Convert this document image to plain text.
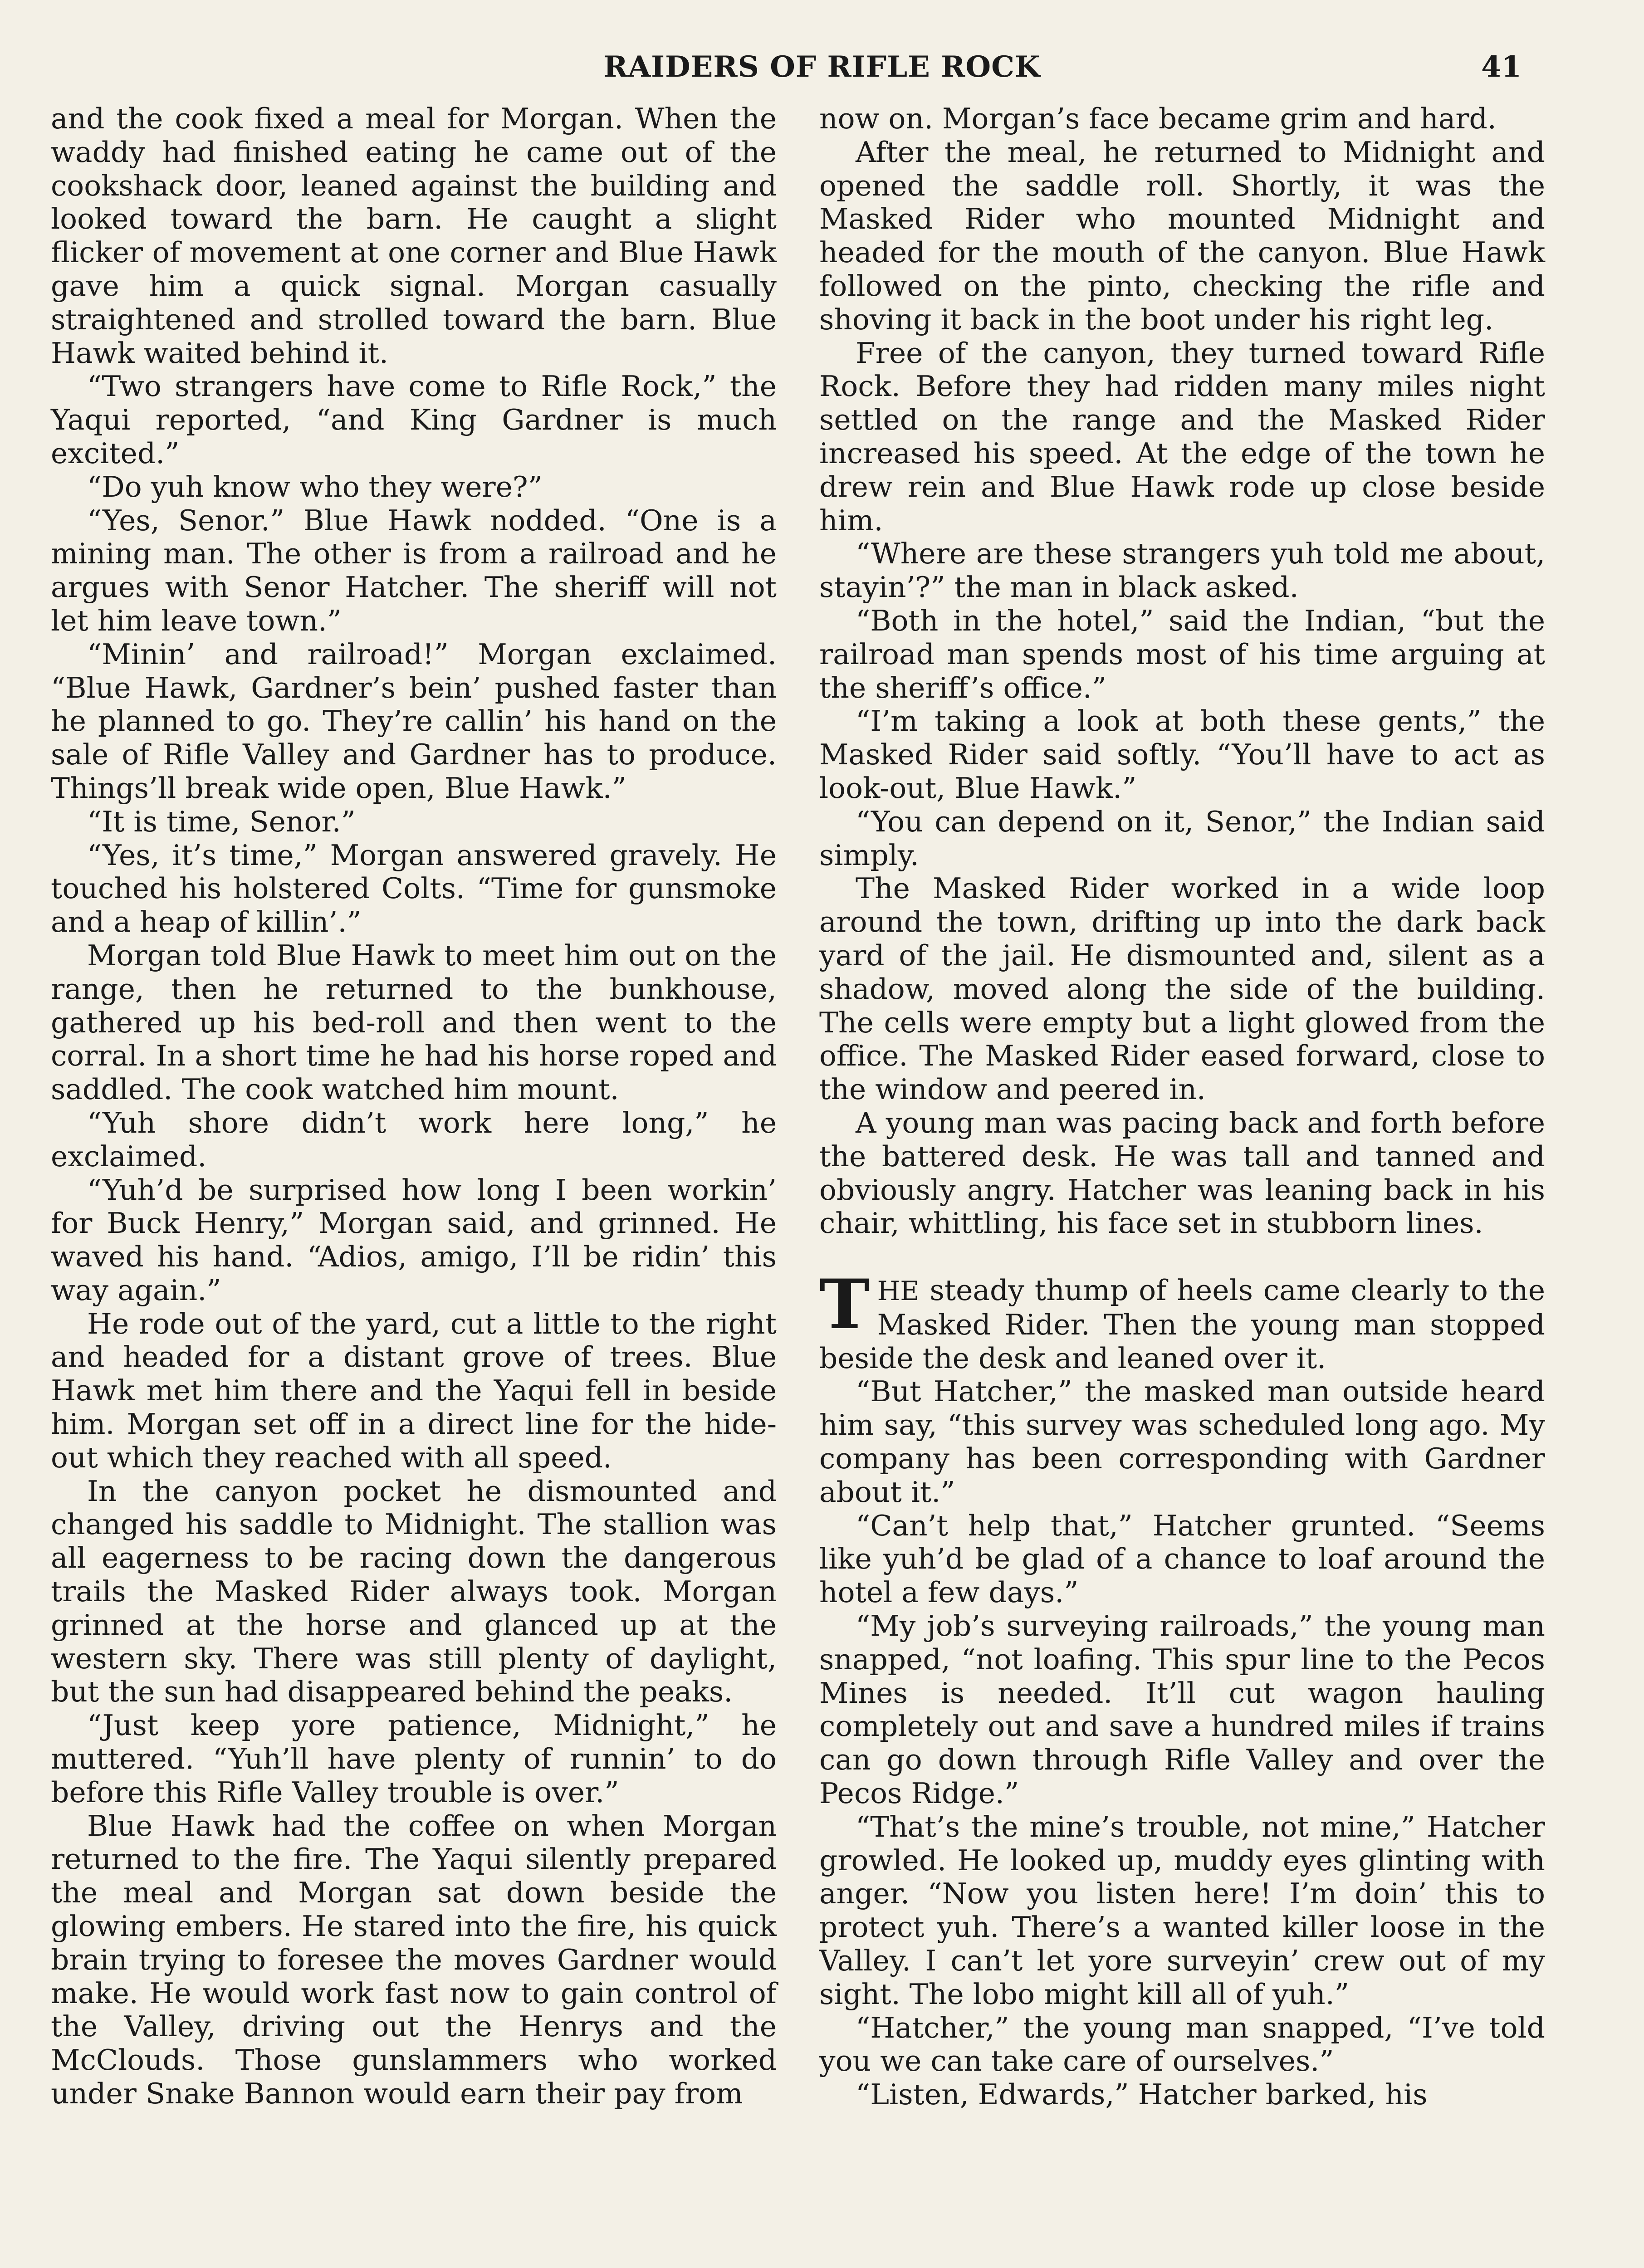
RAIDERS OF RIFLE ROCK	41

and the cook fixed a meal for Morgan. When the waddy had finished eating he came out of the cookshack door, leaned against the building and looked toward the barn. He caught a slight flicker of movement at one corner and Blue Hawk gave him a quick signal. Morgan casually straightened and strolled toward the barn. Blue Hawk waited behind it.

“Two strangers have come to Rifle Rock,” the Yaqui reported, “and King Gardner is much excited.”

“Do yuh know who they were?”

“Yes, Senor.” Blue Hawk nodded. “One is a mining man. The other is from a railroad and he argues with Senor Hatcher. The sheriff will not let him leave town.”

“Minin’ and railroad!” Morgan exclaimed. “Blue Hawk, Gardner’s bein’ pushed faster than he planned to go. They’re callin’ his hand on the sale of Rifle Valley and Gardner has to produce. Things’ll break wide open, Blue Hawk.”

“It is time, Senor.”

“Yes, it’s time,” Morgan answered gravely. He touched his holstered Colts. “Time for gunsmoke and a heap of killin’.”

Morgan told Blue Hawk to meet him out on the range, then he returned to the bunkhouse, gathered up his bed-roll and then went to the corral. In a short time he had his horse roped and saddled. The cook watched him mount.

“Yuh shore didn’t work here long,” he exclaimed.

“Yuh’d be surprised how long I been workin’ for Buck Henry,” Morgan said, and grinned. He waved his hand. “Adios, amigo, I’ll be ridin’ this way again.”

He rode out of the yard, cut a little to the right and headed for a distant grove of trees. Blue Hawk met him there and the Yaqui fell in beside him. Morgan set off in a direct line for the hide-out which they reached with all speed.

In the canyon pocket he dismounted and changed his saddle to Midnight. The stallion was all eagerness to be racing down the dangerous trails the Masked Rider always took. Morgan grinned at the horse and glanced up at the western sky. There was still plenty of daylight, but the sun had disappeared behind the peaks.

“Just keep yore patience, Midnight,” he muttered. “Yuh’ll have plenty of runnin’ to do before this Rifle Valley trouble is over.”

Blue Hawk had the coffee on when Morgan returned to the fire. The Yaqui silently prepared the meal and Morgan sat down beside the glowing embers. He stared into the fire, his quick brain trying to foresee the moves Gardner would make. He would work fast now to gain control of the Valley, driving out the Henrys and the McClouds. Those gunslammers who worked under Snake Bannon would earn their pay from

now on. Morgan’s face became grim and hard.

After the meal, he returned to Midnight and opened the saddle roll. Shortly, it was the Masked Rider who mounted Midnight and headed for the mouth of the canyon. Blue Hawk followed on the pinto, checking the rifle and shoving it back in the boot under his right leg.

Free of the canyon, they turned toward Rifle Rock. Before they had ridden many miles night settled on the range and the Masked Rider increased his speed. At the edge of the town he drew rein and Blue Hawk rode up close beside him.

“Where are these strangers yuh told me about, stayin’?” the man in black asked.

“Both in the hotel,” said the Indian, “but the railroad man spends most of his time arguing at the sheriff’s office.”

“I’m taking a look at both these gents,” the Masked Rider said softly. “You’ll have to act as look-out, Blue Hawk.”

“You can depend on it, Senor,” the Indian said simply.

The Masked Rider worked in a wide loop around the town, drifting up into the dark back yard of the jail. He dismounted and, silent as a shadow, moved along the side of the building. The cells were empty but a light glowed from the office. The Masked Rider eased forward, close to the window and peered in.

A young man was pacing back and forth before the battered desk. He was tall and tanned and obviously angry. Hatcher was leaning back in his chair, whittling, his face set in stubborn lines.

THE steady thump of heels came clearly to the Masked Rider. Then the young man stopped beside the desk and leaned over it.

“But Hatcher,” the masked man outside heard him say, “this survey was scheduled long ago. My company has been corresponding with Gardner about it.”

“Can’t help that,” Hatcher grunted. “Seems like yuh’d be glad of a chance to loaf around the hotel a few days.”

“My job’s surveying railroads,” the young man snapped, “not loafing. This spur line to the Pecos Mines is needed. It’ll cut wagon hauling completely out and save a hundred miles if trains can go down through Rifle Valley and over the Pecos Ridge.”

“That’s the mine’s trouble, not mine,” Hatcher growled. He looked up, muddy eyes glinting with anger. “Now you listen here! I’m doin’ this to protect yuh. There’s a wanted killer loose in the Valley. I can’t let yore surveyin’ crew out of my sight. The lobo might kill all of yuh.”

“Hatcher,” the young man snapped, “I’ve told you we can take care of ourselves.”

“Listen, Edwards,” Hatcher barked, his
